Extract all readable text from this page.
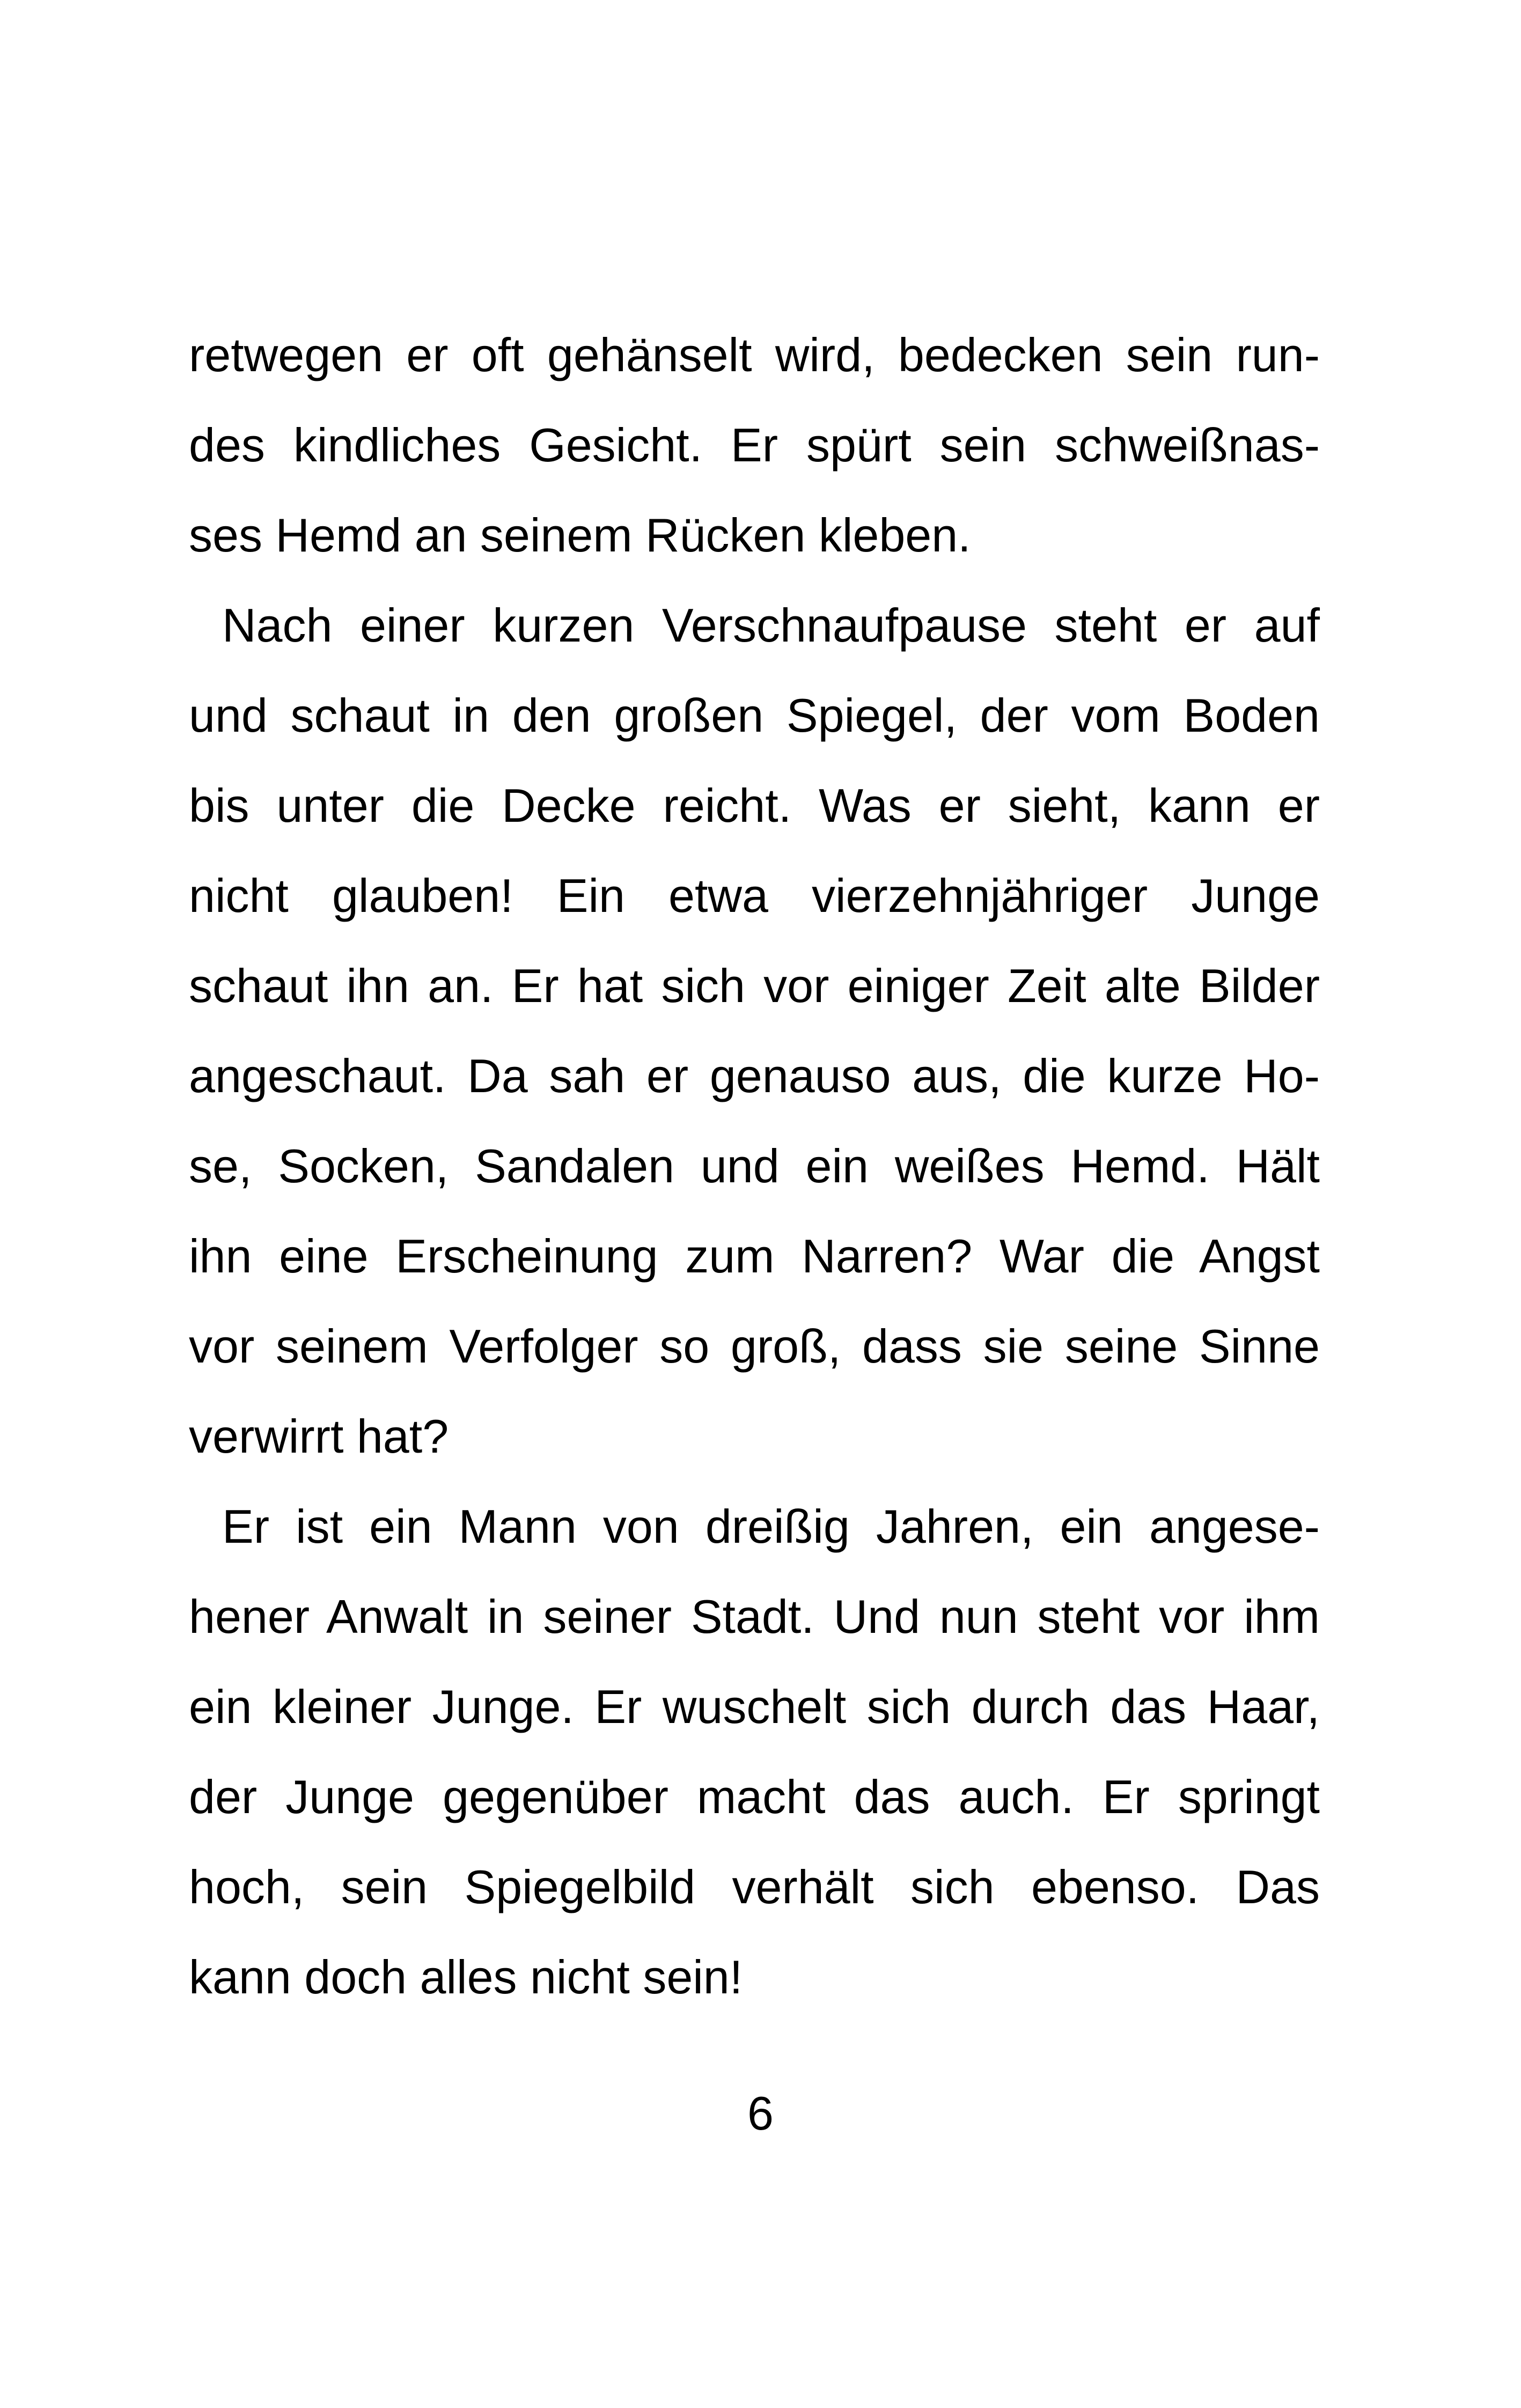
retwegen er oft gehänselt wird, bedecken sein run-
des kindliches Gesicht. Er spürt sein schweißnas-
ses Hemd an seinem Rücken kleben.
Nach einer kurzen Verschnaufpause steht er auf
und schaut in den großen Spiegel, der vom Boden
bis unter die Decke reicht. Was er sieht, kann er
nicht glauben! Ein etwa vierzehnjähriger Junge
schaut ihn an. Er hat sich vor einiger Zeit alte Bilder
angeschaut. Da sah er genauso aus, die kurze Ho-
se, Socken, Sandalen und ein weißes Hemd. Hält
ihn eine Erscheinung zum Narren? War die Angst
vor seinem Verfolger so groß, dass sie seine Sinne
verwirrt hat?
Er ist ein Mann von dreißig Jahren, ein angese-
hener Anwalt in seiner Stadt. Und nun steht vor ihm
ein kleiner Junge. Er wuschelt sich durch das Haar,
der Junge gegenüber macht das auch. Er springt
hoch, sein Spiegelbild verhält sich ebenso. Das
kann doch alles nicht sein!
6
